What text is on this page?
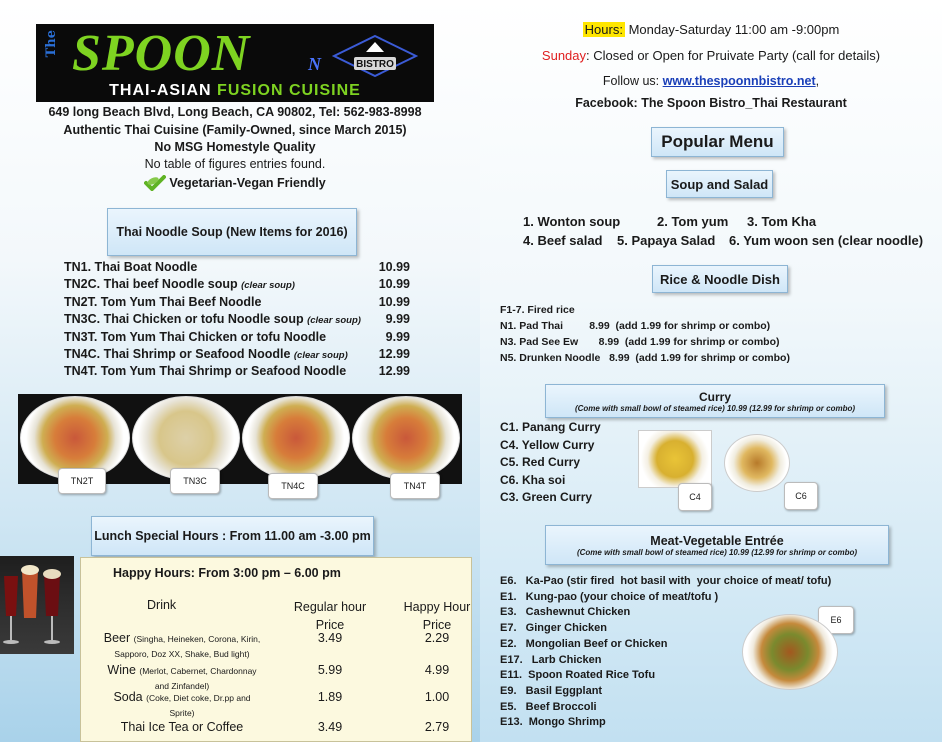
The SPOON	N	BISTRO
THAI-ASIAN FUSION CUISINE
649 long Beach Blvd, Long Beach, CA 90802, Tel: 562-983-8998
Authentic Thai Cuisine (Family-Owned, since March 2015)
No MSG Homestyle Quality
No table of figures entries found.
Vegetarian-Vegan Friendly
Thai Noodle Soup (New Items for 2016)
TN1. Thai Boat Noodle	10.99
TN2C. Thai beef Noodle soup (clear soup)	10.99
TN2T. Tom Yum Thai Beef Noodle	10.99
TN3C. Thai Chicken or tofu Noodle soup (clear soup) 9.99
TN3T. Tom Yum Thai Chicken or tofu Noodle	9.99
TN4C. Thai Shrimp or Seafood Noodle (clear soup) 12.99
TN4T. Tom Yum Thai Shrimp or Seafood Noodle	12.99
TN2T	TN3C	TN4C	TN4T
Lunch Special Hours : From 11.00 am -3.00 pm
Happy Hours: From 3:00 pm – 6.00 pm
Drink	Regular hour
Price
Happy Hour
Price
Beer (Singha, Heineken, Corona, Kirin,
Sapporo, Doz XX, Shake, Bud light)
3.49	2.29
Wine (Merlot, Cabernet, Chardonnay
and Zinfandel)
5.99	4.99
Soda (Coke, Diet coke, Dr.pp and
Sprite)
1.89	1.00
Thai Ice Tea or Coffee	3.49	2.79
Hours: Monday-Saturday 11:00 am -9:00pm
Sunday: Closed or Open for Pruivate Party (call for details)
Follow us: www.thespoonnbistro.net,
Facebook: The Spoon Bistro_Thai Restaurant
Popular Menu
Soup and Salad
1. Wonton soup	2. Tom yum 3. Tom Kha
4. Beef salad 5. Papaya Salad 6. Yum woon sen (clear noodle)
Rice & Noodle Dish
F1-7. Fired rice
N1. Pad Thai         8.99  (add 1.99 for shrimp or combo)
N3. Pad See Ew       8.99  (add 1.99 for shrimp or combo)
N5. Drunken Noodle   8.99  (add 1.99 for shrimp or combo)
Curry
(Come with small bowl of steamed rice) 10.99 (12.99 for shrimp or combo)
C1. Panang Curry
C4. Yellow Curry
C5. Red Curry
C6. Kha soi
C3. Green Curry	C4	C6
Meat-Vegetable Entrée
(Come with small bowl of steamed rice) 10.99 (12.99 for shrimp or combo)
E6.   Ka-Pao (stir fired  hot basil with  your choice of meat/ tofu)
E1.   Kung-pao (your choice of meat/tofu )
E3.   Cashewnut Chicken
E7.   Ginger Chicken
E2.   Mongolian Beef or Chicken
E17.   Larb Chicken
E11.  Spoon Roated Rice Tofu
E9.   Basil Eggplant
E5.   Beef Broccoli
E13.  Mongo Shrimp
E6
